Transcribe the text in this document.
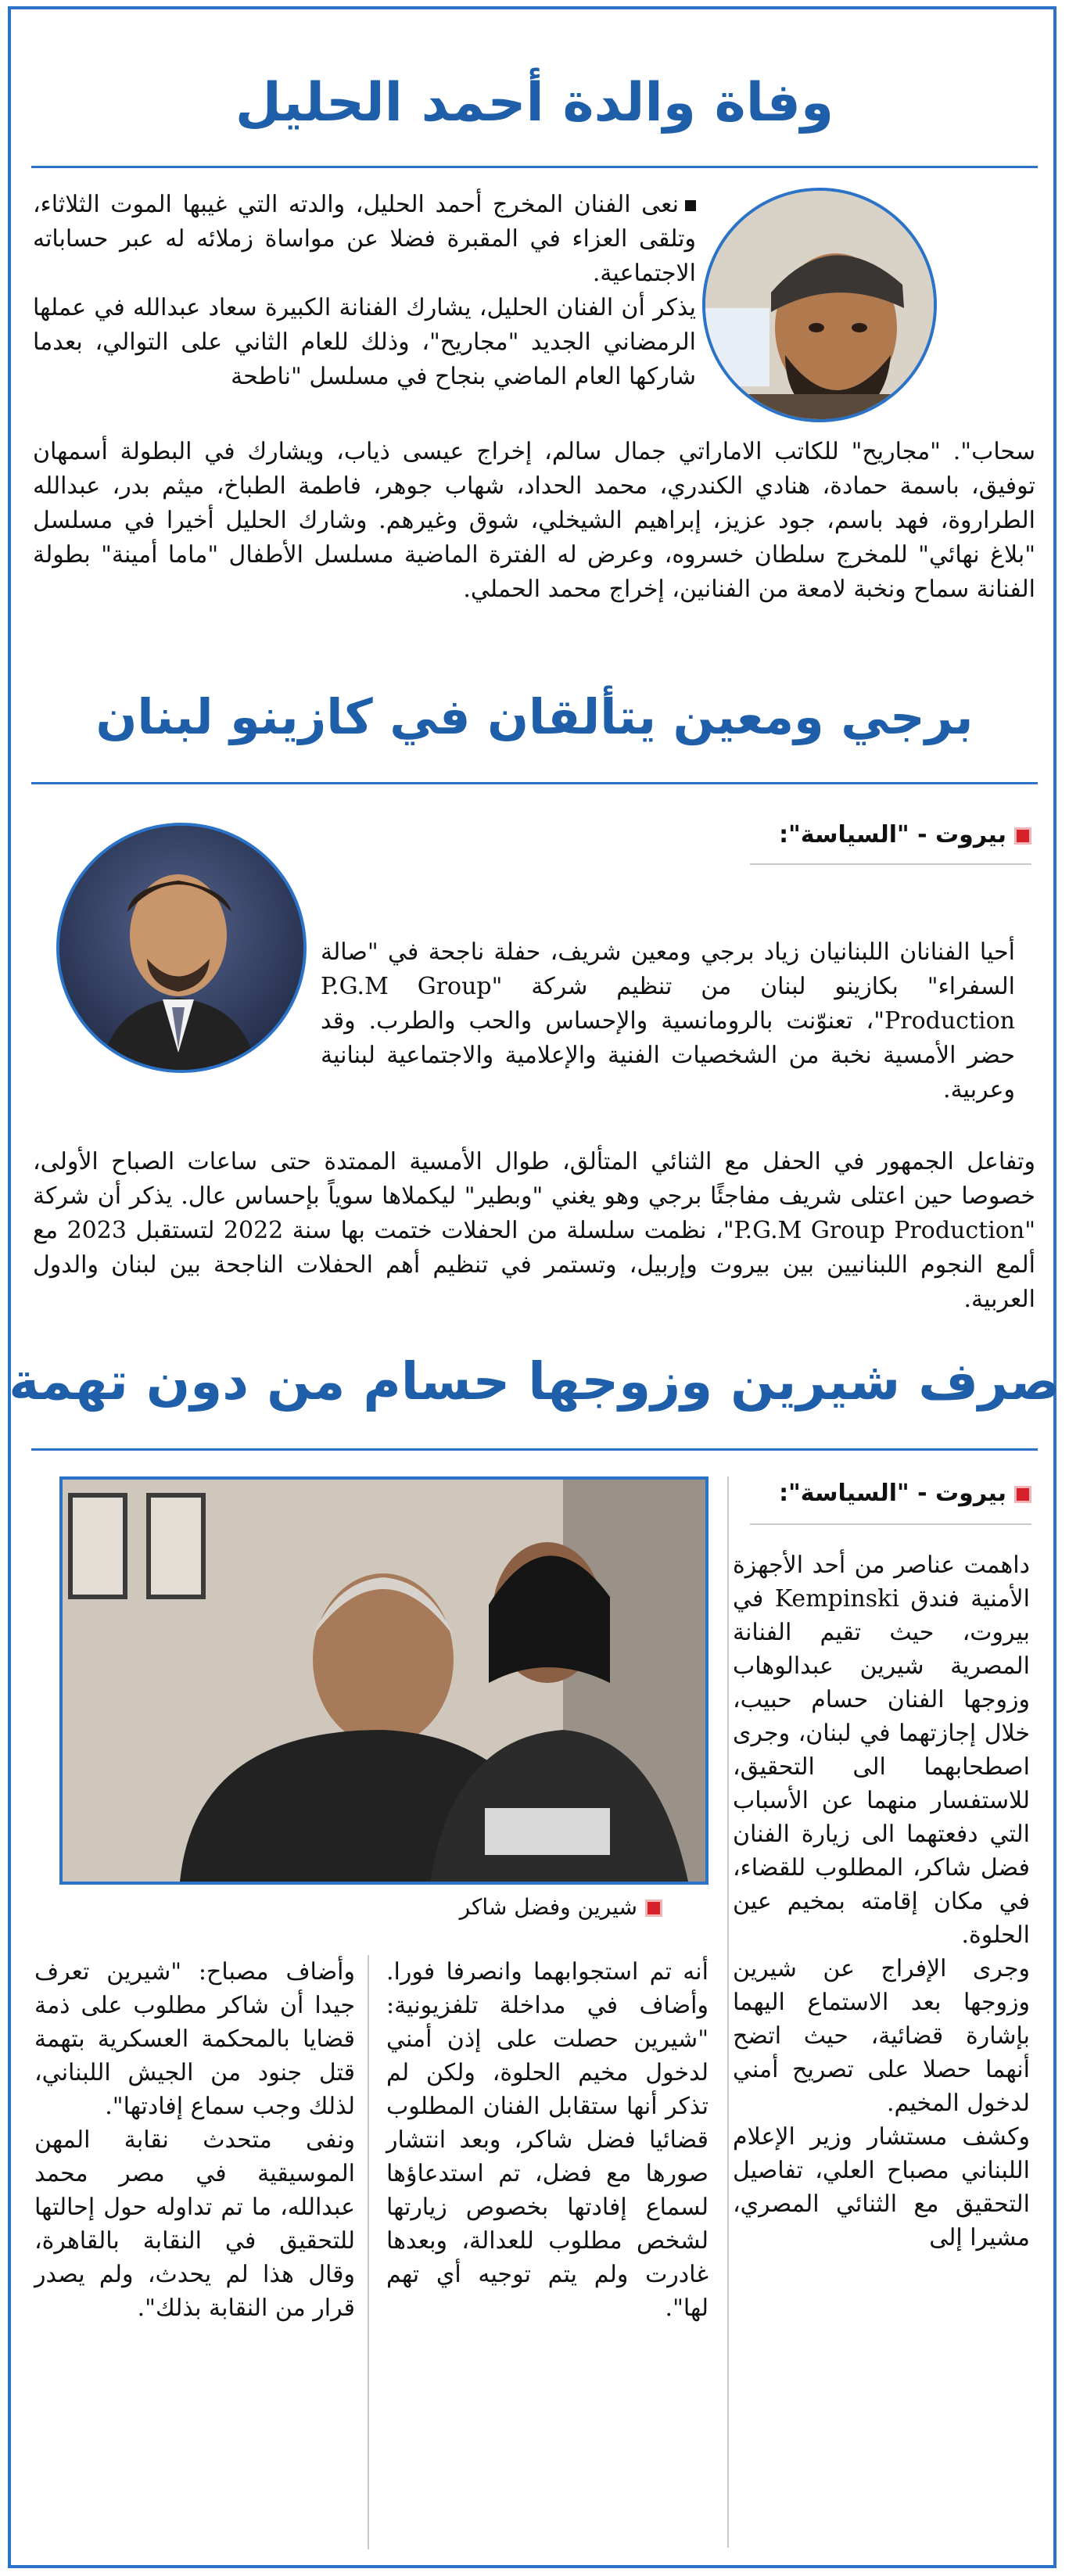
وفاة والدة أحمد الحليل

نعى الفنان المخرج أحمد الحليل، والدته التي غيبها الموت الثلاثاء، وتلقى العزاء في المقبرة فضلا عن مواساة زملائه له عبر حساباته الاجتماعية.

يذكر أن الفنان الحليل، يشارك الفنانة الكبيرة سعاد عبدالله في عملها الرمضاني الجديد "مجاريح"، وذلك للعام الثاني على التوالي، بعدما شاركها العام الماضي بنجاح في مسلسل "ناطحة

سحاب". "مجاريح" للكاتب الاماراتي جمال سالم، إخراج عيسى ذياب، ويشارك في البطولة أسمهان توفيق، باسمة حمادة، هنادي الكندري، محمد الحداد، شهاب جوهر، فاطمة الطباخ، ميثم بدر، عبدالله الطراروة، فهد باسم، جود عزيز، إبراهيم الشيخلي، شوق وغيرهم. وشارك الحليل أخيرا في مسلسل "بلاغ نهائي" للمخرج سلطان خسروه، وعرض له الفترة الماضية مسلسل الأطفال "ماما أمينة" بطولة الفنانة سماح ونخبة لامعة من الفنانين، إخراج محمد الحملي.

برجي ومعين يتألقان في كازينو لبنان
بيروت - "السياسة":

أحيا الفنانان اللبنانيان زياد برجي ومعين شريف، حفلة ناجحة في "صالة السفراء" بكازينو لبنان من تنظيم شركة "P.G.M Group Production"، تعنوّنت بالرومانسية والإحساس والحب والطرب. وقد حضر الأمسية نخبة من الشخصيات الفنية والإعلامية والاجتماعية لبنانية وعربية.

وتفاعل الجمهور في الحفل مع الثنائي المتألق، طوال الأمسية الممتدة حتى ساعات الصباح الأولى، خصوصا حين اعتلى شريف مفاجئًا برجي وهو يغني "وبطير" ليكملاها سوياً بإحساس عال. يذكر أن شركة "P.G.M Group Production"، نظمت سلسلة من الحفلات ختمت بها سنة 2022 لتستقبل 2023 مع ألمع النجوم اللبنانيين بين بيروت وإربيل، وتستمر في تنظيم أهم الحفلات الناجحة بين لبنان والدول العربية.

صرف شيرين وزوجها حسام من دون تهمة
بيروت - "السياسة":
شيرين وفضل شاكر

داهمت عناصر من أحد الأجهزة الأمنية فندق Kempinski في بيروت، حيث تقيم الفنانة المصرية شيرين عبدالوهاب وزوجها الفنان حسام حبيب، خلال إجازتهما في لبنان، وجرى اصطحابهما الى التحقيق، للاستفسار منهما عن الأسباب التي دفعتهما الى زيارة الفنان فضل شاكر، المطلوب للقضاء، في مكان إقامته بمخيم عين الحلوة.

وجرى الإفراج عن شيرين وزوجها بعد الاستماع اليهما بإشارة قضائية، حيث اتضح أنهما حصلا على تصريح أمني لدخول المخيم.

وكشف مستشار وزير الإعلام اللبناني مصباح العلي، تفاصيل التحقيق مع الثنائي المصري، مشيرا إلى

أنه تم استجوابهما وانصرفا فورا. وأضاف في مداخلة تلفزيونية: "شيرين حصلت على إذن أمني لدخول مخيم الحلوة، ولكن لم تذكر أنها ستقابل الفنان المطلوب قضائيا فضل شاكر، وبعد انتشار صورها مع فضل، تم استدعاؤها لسماع إفادتها بخصوص زيارتها لشخص مطلوب للعدالة، وبعدها غادرت ولم يتم توجيه أي تهم لها".

وأضاف مصباح: "شيرين تعرف جيدا أن شاكر مطلوب على ذمة قضايا بالمحكمة العسكرية بتهمة قتل جنود من الجيش اللبناني، لذلك وجب سماع إفادتها".

ونفى متحدث نقابة المهن الموسيقية في مصر محمد عبدالله، ما تم تداوله حول إحالتها للتحقيق في النقابة بالقاهرة، وقال هذا لم يحدث، ولم يصدر قرار من النقابة بذلك".
